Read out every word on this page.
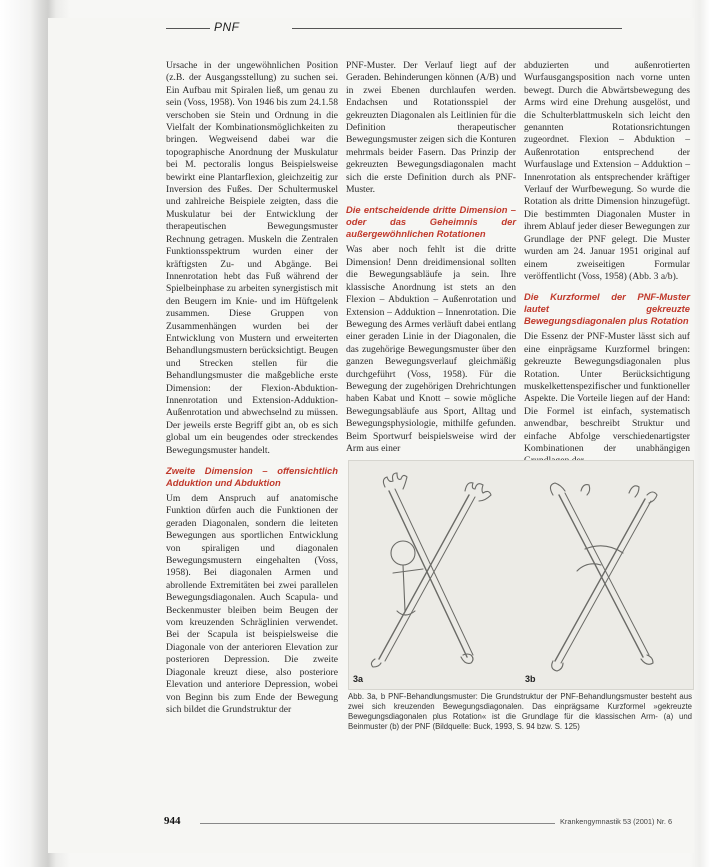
PNF

Ursache in der ungewöhnlichen Position (z.B. der Ausgangsstellung) zu suchen sei. Ein Aufbau mit Spiralen ließ, um genau zu sein (Voss, 1958). Von 1946 bis zum 24.1.58 verschoben sie Stein und Ordnung in die Vielfalt der Kombinationsmöglichkeiten zu bringen. Wegweisend dabei war die topographische Anordnung der Muskulatur bei M. pectoralis longus Beispielsweise bewirkt eine Plantarflexion, gleichzeitig zur Inversion des Fußes. Der Schultermuskel und zahlreiche Beispiele zeigten, dass die Muskulatur bei der Entwicklung der therapeutischen Bewegungsmuster Rechnung getragen. Muskeln die Zentralen Funktionsspektrum wurden einer der kräftigsten Zu- und Abgänge. Bei Innenrotation hebt das Fuß während der Spielbeinphase zu arbeiten synergistisch mit den Beugern im Knie- und im Hüftgelenk zusammen. Diese Gruppen von Zusammenhängen wurden bei der Entwicklung von Mustern und erweiterten Behandlungsmustern berücksichtigt. Beugen und Strecken stellen für die Behandlungsmuster die maßgebliche erste Dimension: der Flexion-Abduktion-Innenrotation und Extension-Adduktion-Außenrotation und abwechselnd zu müssen. Der jeweils erste Begriff gibt an, ob es sich global um ein beugendes oder streckendes Bewegungsmuster handelt.

Zweite Dimension – offensichtlich Adduktion und Abduktion

Um dem Anspruch auf anatomische Funktion dürfen auch die Funktionen der geraden Diagonalen, sondern die leiteten Bewegungen aus sportlichen Entwicklung von spiraligen und diagonalen Bewegungsmustern eingehalten (Voss, 1958). Bei diagonalen Armen und abrollende Extremitäten bei zwei parallelen Bewegungsdiagonalen. Auch Scapula- und Beckenmuster bleiben beim Beugen der vom kreuzenden Schräglinien verwendet. Bei der Scapula ist beispielsweise die Diagonale von der anterioren Elevation zur posterioren Depression. Die zweite Diagonale kreuzt diese, also posteriore Elevation und anteriore Depression, wobei von Beginn bis zum Ende der Bewegung sich bildet die Grundstruktur der

PNF-Muster. Der Verlauf liegt auf der Geraden. Behinderungen können (A/B) und in zwei Ebenen durchlaufen werden. Endachsen und Rotationsspiel der gekreuzten Diagonalen als Leitlinien für die Definition therapeutischer Bewegungsmuster zeigen sich die Konturen mehrmals beider Fasern. Das Prinzip der gekreuzten Bewegungsdiagonalen macht sich die erste Definition durch als PNF-Muster.

Die entscheidende dritte Dimension – oder das Geheimnis der außergewöhnlichen Rotationen

Was aber noch fehlt ist die dritte Dimension! Denn dreidimensional sollten die Bewegungsabläufe ja sein. Ihre klassische Anordnung ist stets an den Flexion – Abduktion – Außenrotation und Extension – Adduktion – Innenrotation. Die Bewegung des Armes verläuft dabei entlang einer geraden Linie in der Diagonalen, die das zugehörige Bewegungsmuster über den ganzen Bewegungsverlauf gleichmäßig durchgeführt (Voss, 1958). Für die Bewegung der zugehörigen Drehrichtungen haben Kabat und Knott – sowie mögliche Bewegungsabläufe aus Sport, Alltag und Bewegungsphysiologie, mithilfe gefunden. Beim Sportwurf beispielsweise wird der Arm aus einer

abduzierten und außenrotierten Wurfausgangsposition nach vorne unten bewegt. Durch die Abwärtsbewegung des Arms wird eine Drehung ausgelöst, und die Schulterblattmuskeln sich leicht den genannten Rotationsrichtungen zugeordnet. Flexion – Abduktion – Außenrotation entsprechend der Wurfauslage und Extension – Adduktion – Innenrotation als entsprechender kräftiger Verlauf der Wurfbewegung. So wurde die Rotation als dritte Dimension hinzugefügt. Die bestimmten Diagonalen Muster in ihrem Ablauf jeder dieser Bewegungen zur Grundlage der PNF gelegt. Die Muster wurden am 24. Januar 1951 original auf einem zweiseitigen Formular veröffentlicht (Voss, 1958) (Abb. 3 a/b).

Die Kurzformel der PNF-Muster lautet gekreuzte Bewegungsdiagonalen plus Rotation

Die Essenz der PNF-Muster lässt sich auf eine einprägsame Kurzformel bringen: gekreuzte Bewegungsdiagonalen plus Rotation. Unter Berücksichtigung muskelkettenspezifischer und funktioneller Aspekte. Die Vorteile liegen auf der Hand: Die Formel ist einfach, systematisch anwendbar, beschreibt Struktur und einfache Abfolge verschiedenartigster Kombinationen der unabhängigen

3a	3b
Abb. 3a, b PNF-Behandlungsmuster: Die Grundstruktur der PNF-Behandlungsmuster besteht aus zwei sich kreuzenden Bewegungsdiagonalen. Das einprägsame Kurzformel »gekreuzte Bewegungsdiagonalen plus Rotation« ist die Grundlage für die klassischen Arm- (a) und Beinmuster (b) der PNF (Bildquelle: Buck, 1993, S. 94 bzw. S. 125)
944	Krankengymnastik 53 (2001) Nr. 6
